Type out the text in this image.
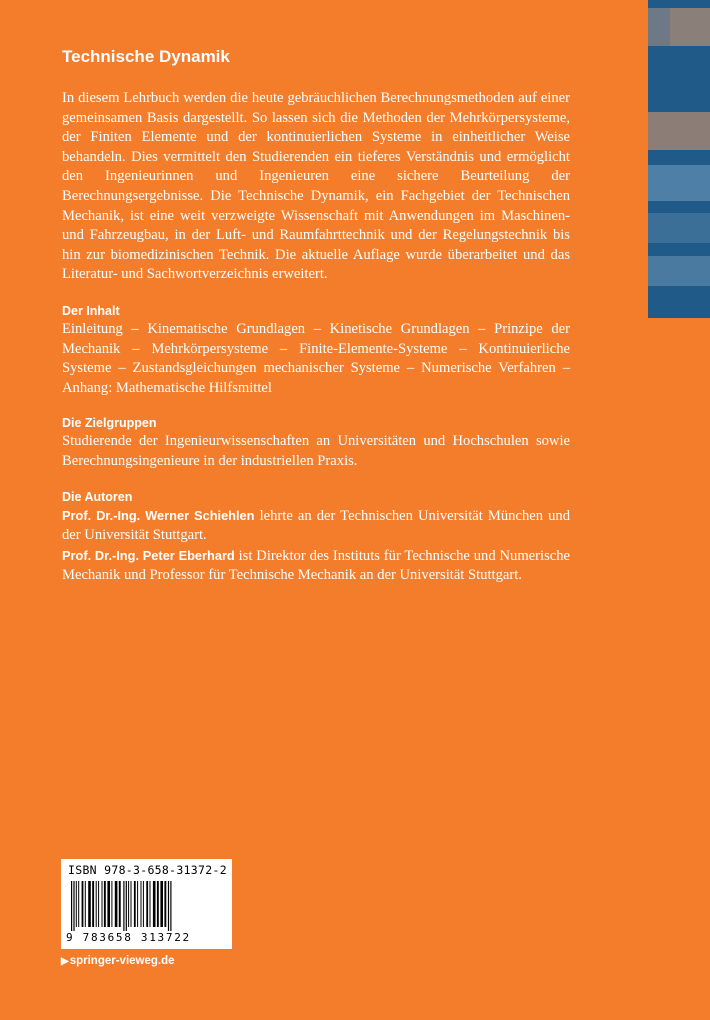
Technische Dynamik

In diesem Lehrbuch werden die heute gebräuchlichen Berechnungsmethoden auf einer gemeinsamen Basis dargestellt. So lassen sich die Methoden der Mehrkörpersysteme, der Finiten Elemente und der kontinuierlichen Systeme in einheitlicher Weise behandeln. Dies vermittelt den Studierenden ein tieferes Verständnis und ermöglicht den Ingenieurinnen und Ingenieuren eine sichere Beurteilung der Berechnungsergebnisse. Die Technische Dynamik, ein Fachgebiet der Technischen Mechanik, ist eine weit verzweigte Wissenschaft mit Anwendungen im Maschinen- und Fahrzeugbau, in der Luft- und Raumfahrttechnik und der Regelungstechnik bis hin zur biomedizinischen Technik. Die aktuelle Auflage wurde überarbeitet und das Literatur- und Sachwortverzeichnis erweitert.

Der Inhalt

Einleitung – Kinematische Grundlagen – Kinetische Grundlagen – Prinzipe der Mechanik – Mehrkörpersysteme – Finite-Elemente-Systeme – Kontinuierliche Systeme – Zustandsgleichungen mechanischer Systeme – Numerische Verfahren – Anhang: Mathematische Hilfsmittel

Die Zielgruppen

Studierende der Ingenieurwissenschaften an Universitäten und Hochschulen sowie Berechnungsingenieure in der industriellen Praxis.

Die Autoren

Prof. Dr.-Ing. Werner Schiehlen lehrte an der Technischen Universität München und der Universität Stuttgart.

Prof. Dr.-Ing. Peter Eberhard ist Direktor des Instituts für Technische und Numerische Mechanik und Professor für Technische Mechanik an der Universität Stuttgart.

ISBN 978-3-658-31372-2
9 783658 313722
▶springer-vieweg.de
